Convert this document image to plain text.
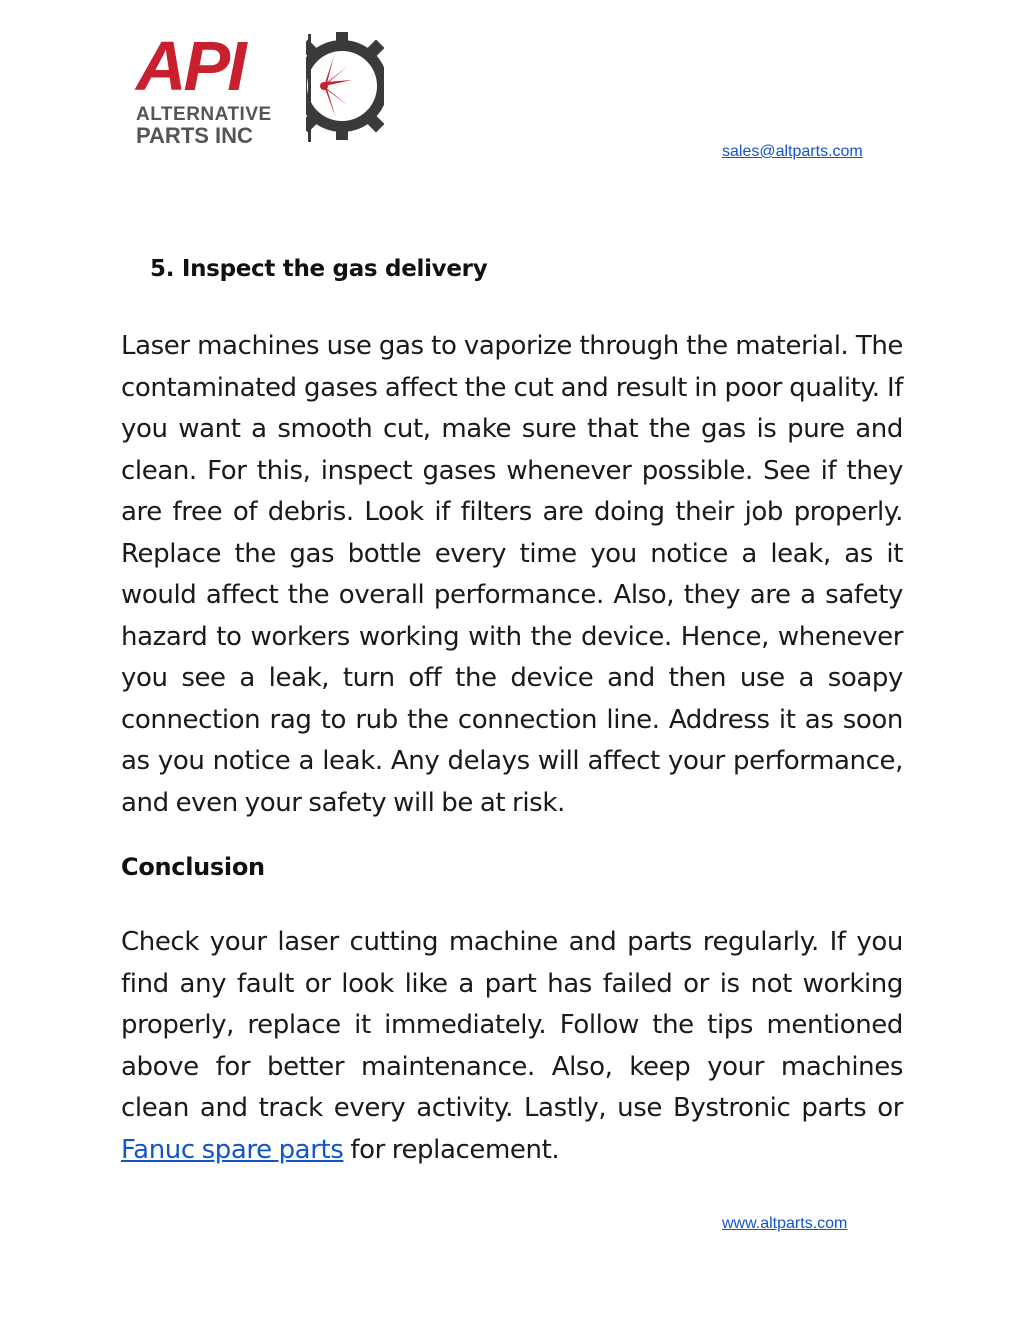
API
ALTERNATIVE
PARTS INC
sales@altparts.com
5. Inspect the gas delivery

Laser machines use gas to vaporize through the material. The contaminated gases affect the cut and result in poor quality. If you want a smooth cut, make sure that the gas is pure and clean. For this, inspect gases whenever possible. See if they are free of debris. Look if filters are doing their job properly. Replace the gas bottle every time you notice a leak, as it would affect the overall performance. Also, they are a safety hazard to workers working with the device. Hence, whenever you see a leak, turn off the device and then use a soapy connection rag to rub the connection line. Address it as soon as you notice a leak. Any delays will affect your performance, and even your safety will be at risk.

Conclusion

Check your laser cutting machine and parts regularly. If you find any fault or look like a part has failed or is not working properly, replace it immediately. Follow the tips mentioned above for better maintenance. Also, keep your machines clean and track every activity. Lastly, use Bystronic parts or Fanuc spare parts for replacement.

www.altparts.com
